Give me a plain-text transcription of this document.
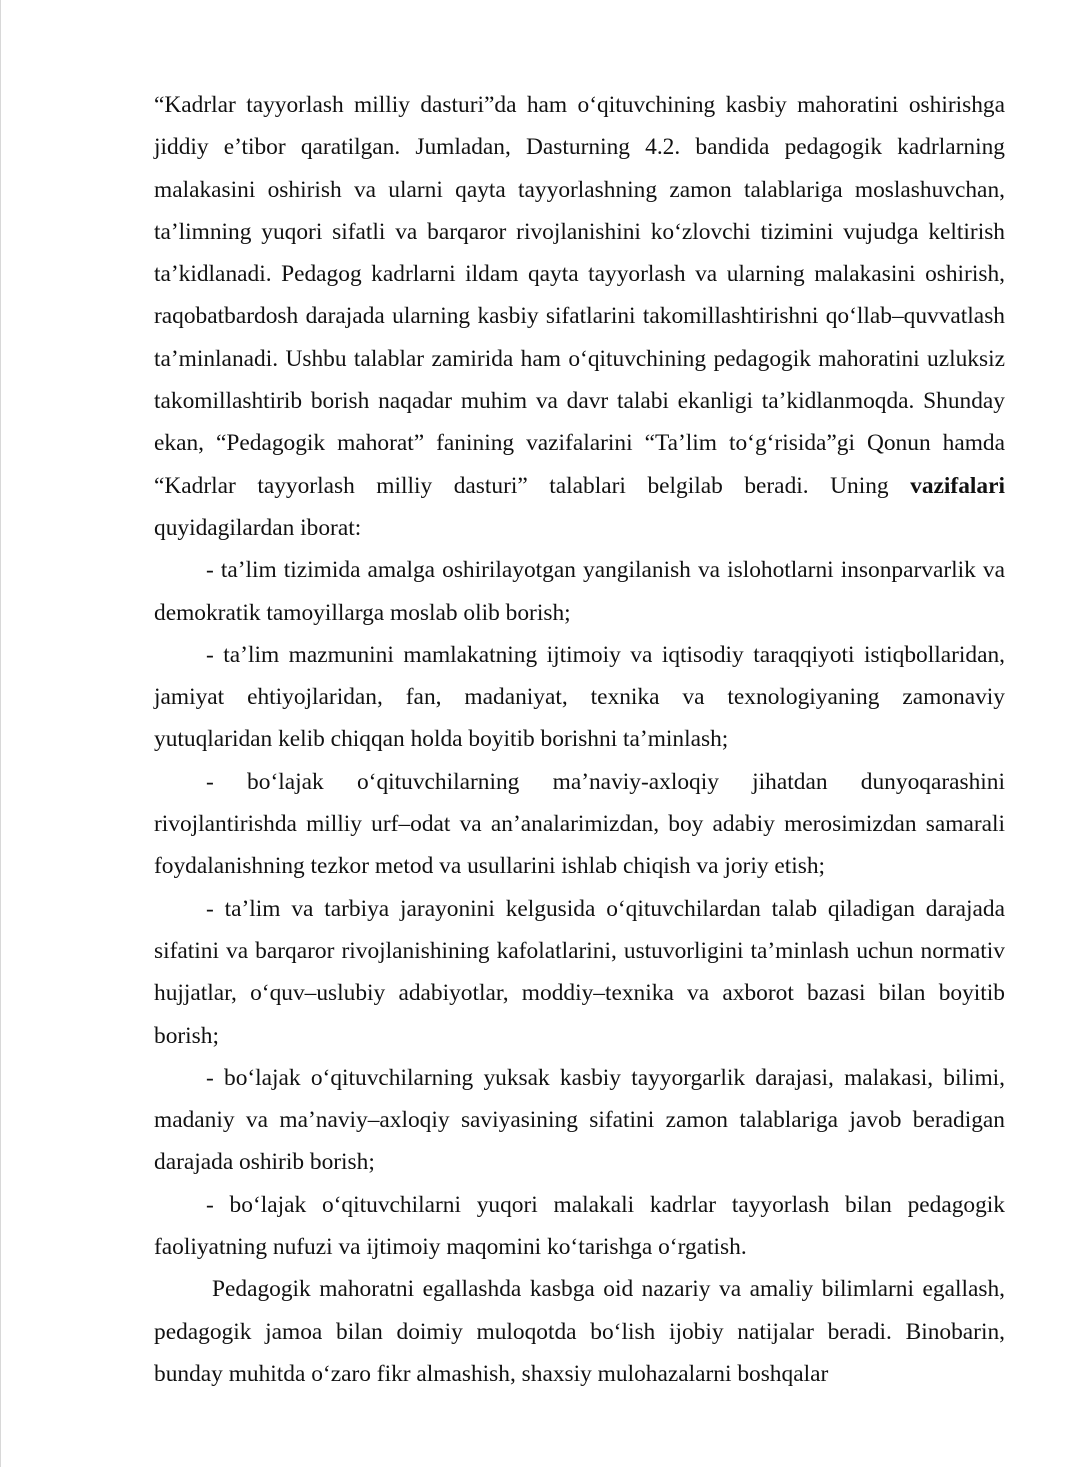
“Kadrlar tayyorlash milliy dasturi”da ham o‘qituvchining kasbiy mahoratini oshirishga jiddiy e’tibor qaratilgan. Jumladan, Dasturning 4.2. bandida pedagogik kadrlarning malakasini oshirish va ularni qayta tayyorlashning zamon talablariga moslashuvchan, ta’limning yuqori sifatli va barqaror rivojlanishini ko‘zlovchi tizimini vujudga keltirish ta’kidlanadi. Pedagog kadrlarni ildam qayta tayyorlash va ularning malakasini oshirish, raqobatbardosh darajada ularning kasbiy sifatlarini takomillashtirishni qo‘llab–quvvatlash ta’minlanadi. Ushbu talablar zamirida ham o‘qituvchining pedagogik mahoratini uzluksiz takomillashtirib borish naqadar muhim va davr talabi ekanligi ta’kidlanmoqda. Shunday ekan, “Pedagogik mahorat” fanining vazifalarini “Ta’lim to‘g‘risida”gi Qonun hamda “Kadrlar tayyorlash milliy dasturi” talablari belgilab beradi. Uning vazifalari quyidagilardan iborat:

- ta’lim tizimida amalga oshirilayotgan yangilanish va islohotlarni insonparvarlik va demokratik tamoyillarga moslab olib borish;

- ta’lim mazmunini mamlakatning ijtimoiy va iqtisodiy taraqqiyoti istiqbollaridan, jamiyat ehtiyojlaridan, fan, madaniyat, texnika va texnologiyaning zamonaviy yutuqlaridan kelib chiqqan holda boyitib borishni ta’minlash;

- bo‘lajak o‘qituvchilarning ma’naviy-axloqiy jihatdan dunyoqarashini rivojlantirishda milliy urf–odat va an’analarimizdan, boy adabiy merosimizdan samarali foydalanishning tezkor metod va usullarini ishlab chiqish va joriy etish;

- ta’lim va tarbiya jarayonini kelgusida o‘qituvchilardan talab qiladigan darajada sifatini va barqaror rivojlanishining kafolatlarini, ustuvorligini ta’minlash uchun normativ hujjatlar, o‘quv–uslubiy adabiyotlar, moddiy–texnika va axborot bazasi bilan boyitib borish;

- bo‘lajak o‘qituvchilarning yuksak kasbiy tayyorgarlik darajasi, malakasi, bilimi, madaniy va ma’naviy–axloqiy saviyasining sifatini zamon talablariga javob beradigan darajada oshirib borish;

- bo‘lajak o‘qituvchilarni yuqori malakali kadrlar tayyorlash bilan pedagogik faoliyatning nufuzi va ijtimoiy maqomini ko‘tarishga o‘rgatish.

Pedagogik mahoratni egallashda kasbga oid nazariy va amaliy bilimlarni egallash, pedagogik jamoa bilan doimiy muloqotda bo‘lish ijobiy natijalar beradi. Binobarin, bunday muhitda o‘zaro fikr almashish, shaxsiy mulohazalarni boshqalar
